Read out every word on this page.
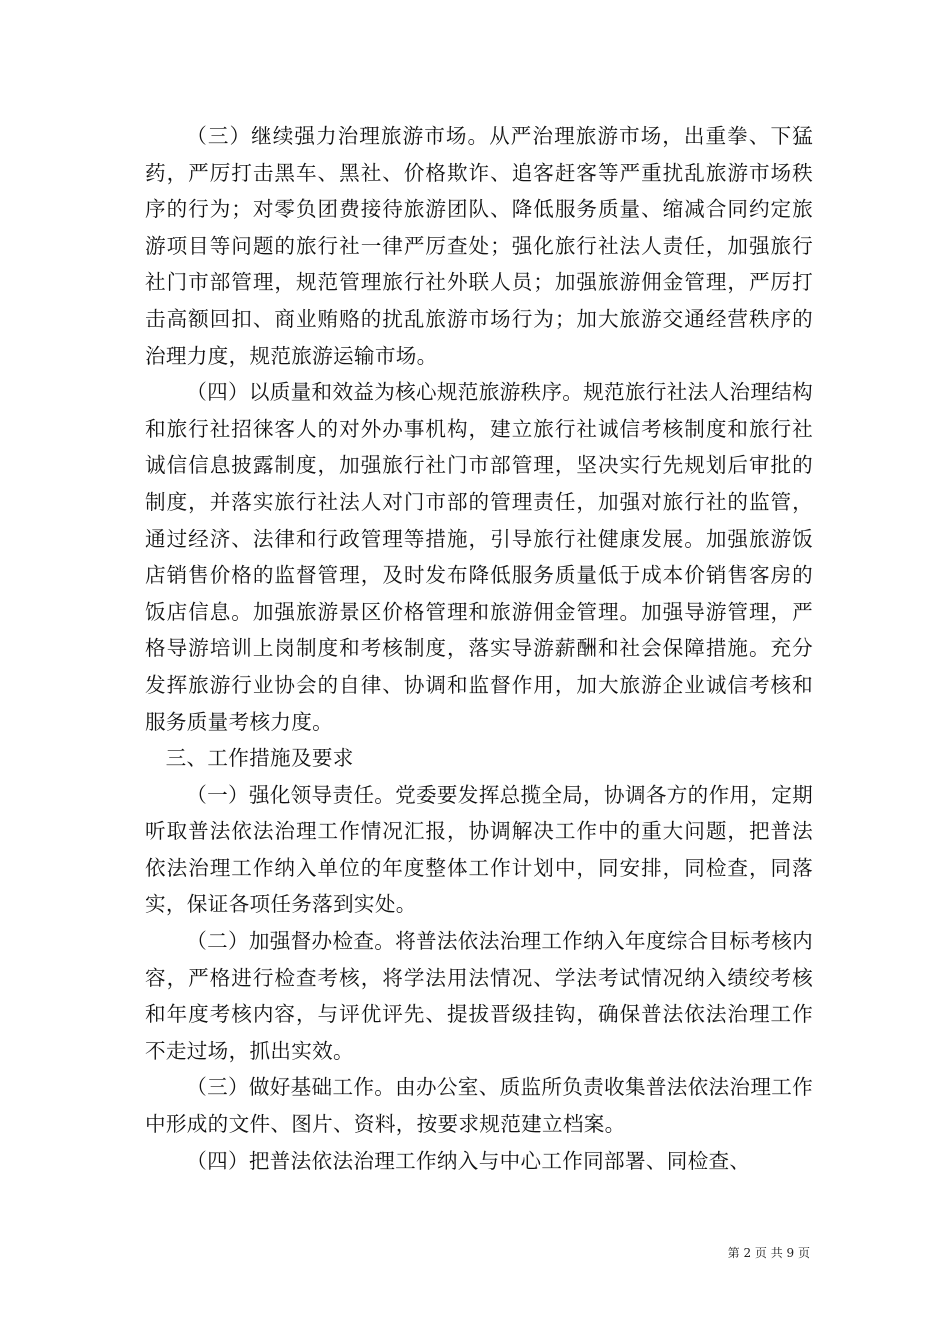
（三）继续强力治理旅游市场。从严治理旅游市场，出重拳、下猛药，严厉打击黑车、黑社、价格欺诈、追客赶客等严重扰乱旅游市场秩序的行为；对零负团费接待旅游团队、降低服务质量、缩减合同约定旅游项目等问题的旅行社一律严厉查处；强化旅行社法人责任，加强旅行社门市部管理，规范管理旅行社外联人员；加强旅游佣金管理，严厉打击高额回扣、商业贿赂的扰乱旅游市场行为；加大旅游交通经营秩序的治理力度，规范旅游运输市场。

（四）以质量和效益为核心规范旅游秩序。规范旅行社法人治理结构和旅行社招徕客人的对外办事机构，建立旅行社诚信考核制度和旅行社诚信信息披露制度，加强旅行社门市部管理，坚决实行先规划后审批的制度，并落实旅行社法人对门市部的管理责任，加强对旅行社的监管，通过经济、法律和行政管理等措施，引导旅行社健康发展。加强旅游饭店销售价格的监督管理，及时发布降低服务质量低于成本价销售客房的饭店信息。加强旅游景区价格管理和旅游佣金管理。加强导游管理，严格导游培训上岗制度和考核制度，落实导游薪酬和社会保障措施。充分发挥旅游行业协会的自律、协调和监督作用，加大旅游企业诚信考核和服务质量考核力度。

三、工作措施及要求

（一）强化领导责任。党委要发挥总揽全局，协调各方的作用，定期听取普法依法治理工作情况汇报，协调解决工作中的重大问题，把普法依法治理工作纳入单位的年度整体工作计划中，同安排，同检查，同落实，保证各项任务落到实处。

（二）加强督办检查。将普法依法治理工作纳入年度综合目标考核内容，严格进行检查考核，将学法用法情况、学法考试情况纳入绩绞考核和年度考核内容，与评优评先、提拔晋级挂钩，确保普法依法治理工作不走过场，抓出实效。

（三）做好基础工作。由办公室、质监所负责收集普法依法治理工作中形成的文件、图片、资料，按要求规范建立档案。

（四）把普法依法治理工作纳入与中心工作同部署、同检查、

第 2 页 共 9 页
